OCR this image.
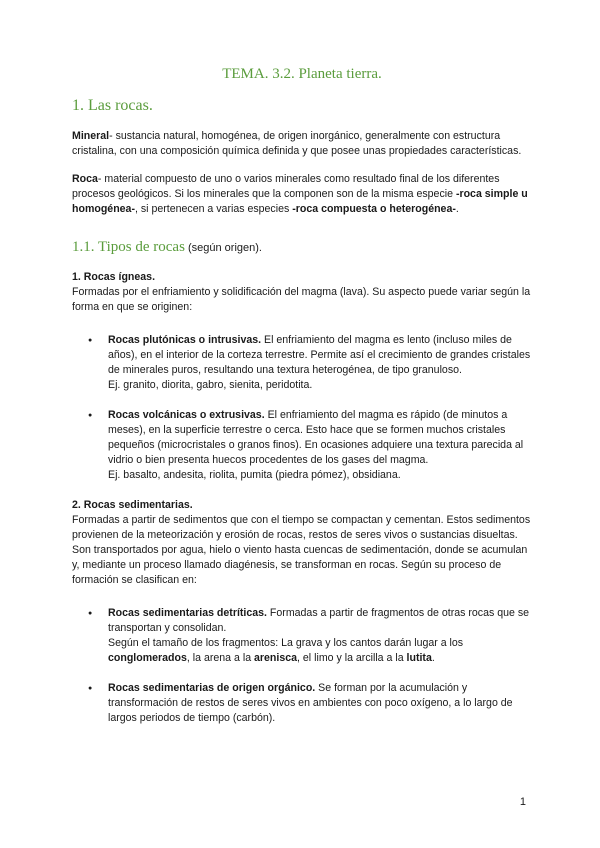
TEMA. 3.2. Planeta tierra.
1. Las rocas.

Mineral- sustancia natural, homogénea, de origen inorgánico, generalmente con estructura cristalina, con una composición química definida y que posee unas propiedades características.

Roca- material compuesto de uno o varios minerales como resultado final de los diferentes procesos geológicos. Si los minerales que la componen son de la misma especie -roca simple u homogénea-, si pertenecen a varias especies -roca compuesta o heterogénea-.

1.1. Tipos de rocas (según origen).
1. Rocas ígneas.

Formadas por el enfriamiento y solidificación del magma (lava). Su aspecto puede variar según la forma en que se originen:

● Rocas plutónicas o intrusivas. El enfriamiento del magma es lento (incluso miles de años), en el interior de la corteza terrestre. Permite así el crecimiento de grandes cristales de minerales puros, resultando una textura heterogénea, de tipo granuloso.
Ej. granito, diorita, gabro, sienita, peridotita.
● Rocas volcánicas o extrusivas. El enfriamiento del magma es rápido (de minutos a meses), en la superficie terrestre o cerca. Esto hace que se formen muchos cristales pequeños (microcristales o granos finos). En ocasiones adquiere una textura parecida al vidrio o bien presenta huecos procedentes de los gases del magma.
Ej. basalto, andesita, riolita, pumita (piedra pómez), obsidiana.
2. Rocas sedimentarias.

Formadas a partir de sedimentos que con el tiempo se compactan y cementan. Estos sedimentos provienen de la meteorización y erosión de rocas, restos de seres vivos o sustancias disueltas. Son transportados por agua, hielo o viento hasta cuencas de sedimentación, donde se acumulan y, mediante un proceso llamado diagénesis, se transforman en rocas. Según su proceso de formación se clasifican en:

● Rocas sedimentarias detríticas. Formadas a partir de fragmentos de otras rocas que se transportan y consolidan.
Según el tamaño de los fragmentos: La grava y los cantos darán lugar a los conglomerados, la arena a la arenisca, el limo y la arcilla a la lutita.
● Rocas sedimentarias de origen orgánico. Se forman por la acumulación y transformación de restos de seres vivos en ambientes con poco oxígeno, a lo largo de largos periodos de tiempo (carbón).
1
